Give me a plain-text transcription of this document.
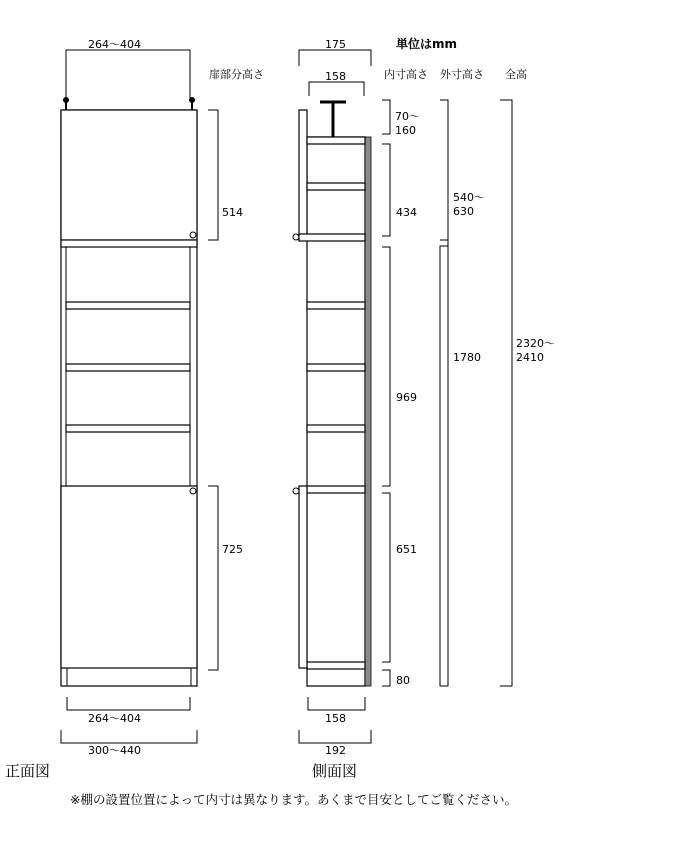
単位はmm
扉部分高さ	内寸高さ 外寸高さ 全高
264〜404
514
725
264〜404
300〜440
正面図
175
158
70〜
160
434
969
651
80
540〜
630
1780
2320〜
2410
158
192
側面図
※棚の設置位置によって内寸は異なります。あくまで目安としてご覧ください。
